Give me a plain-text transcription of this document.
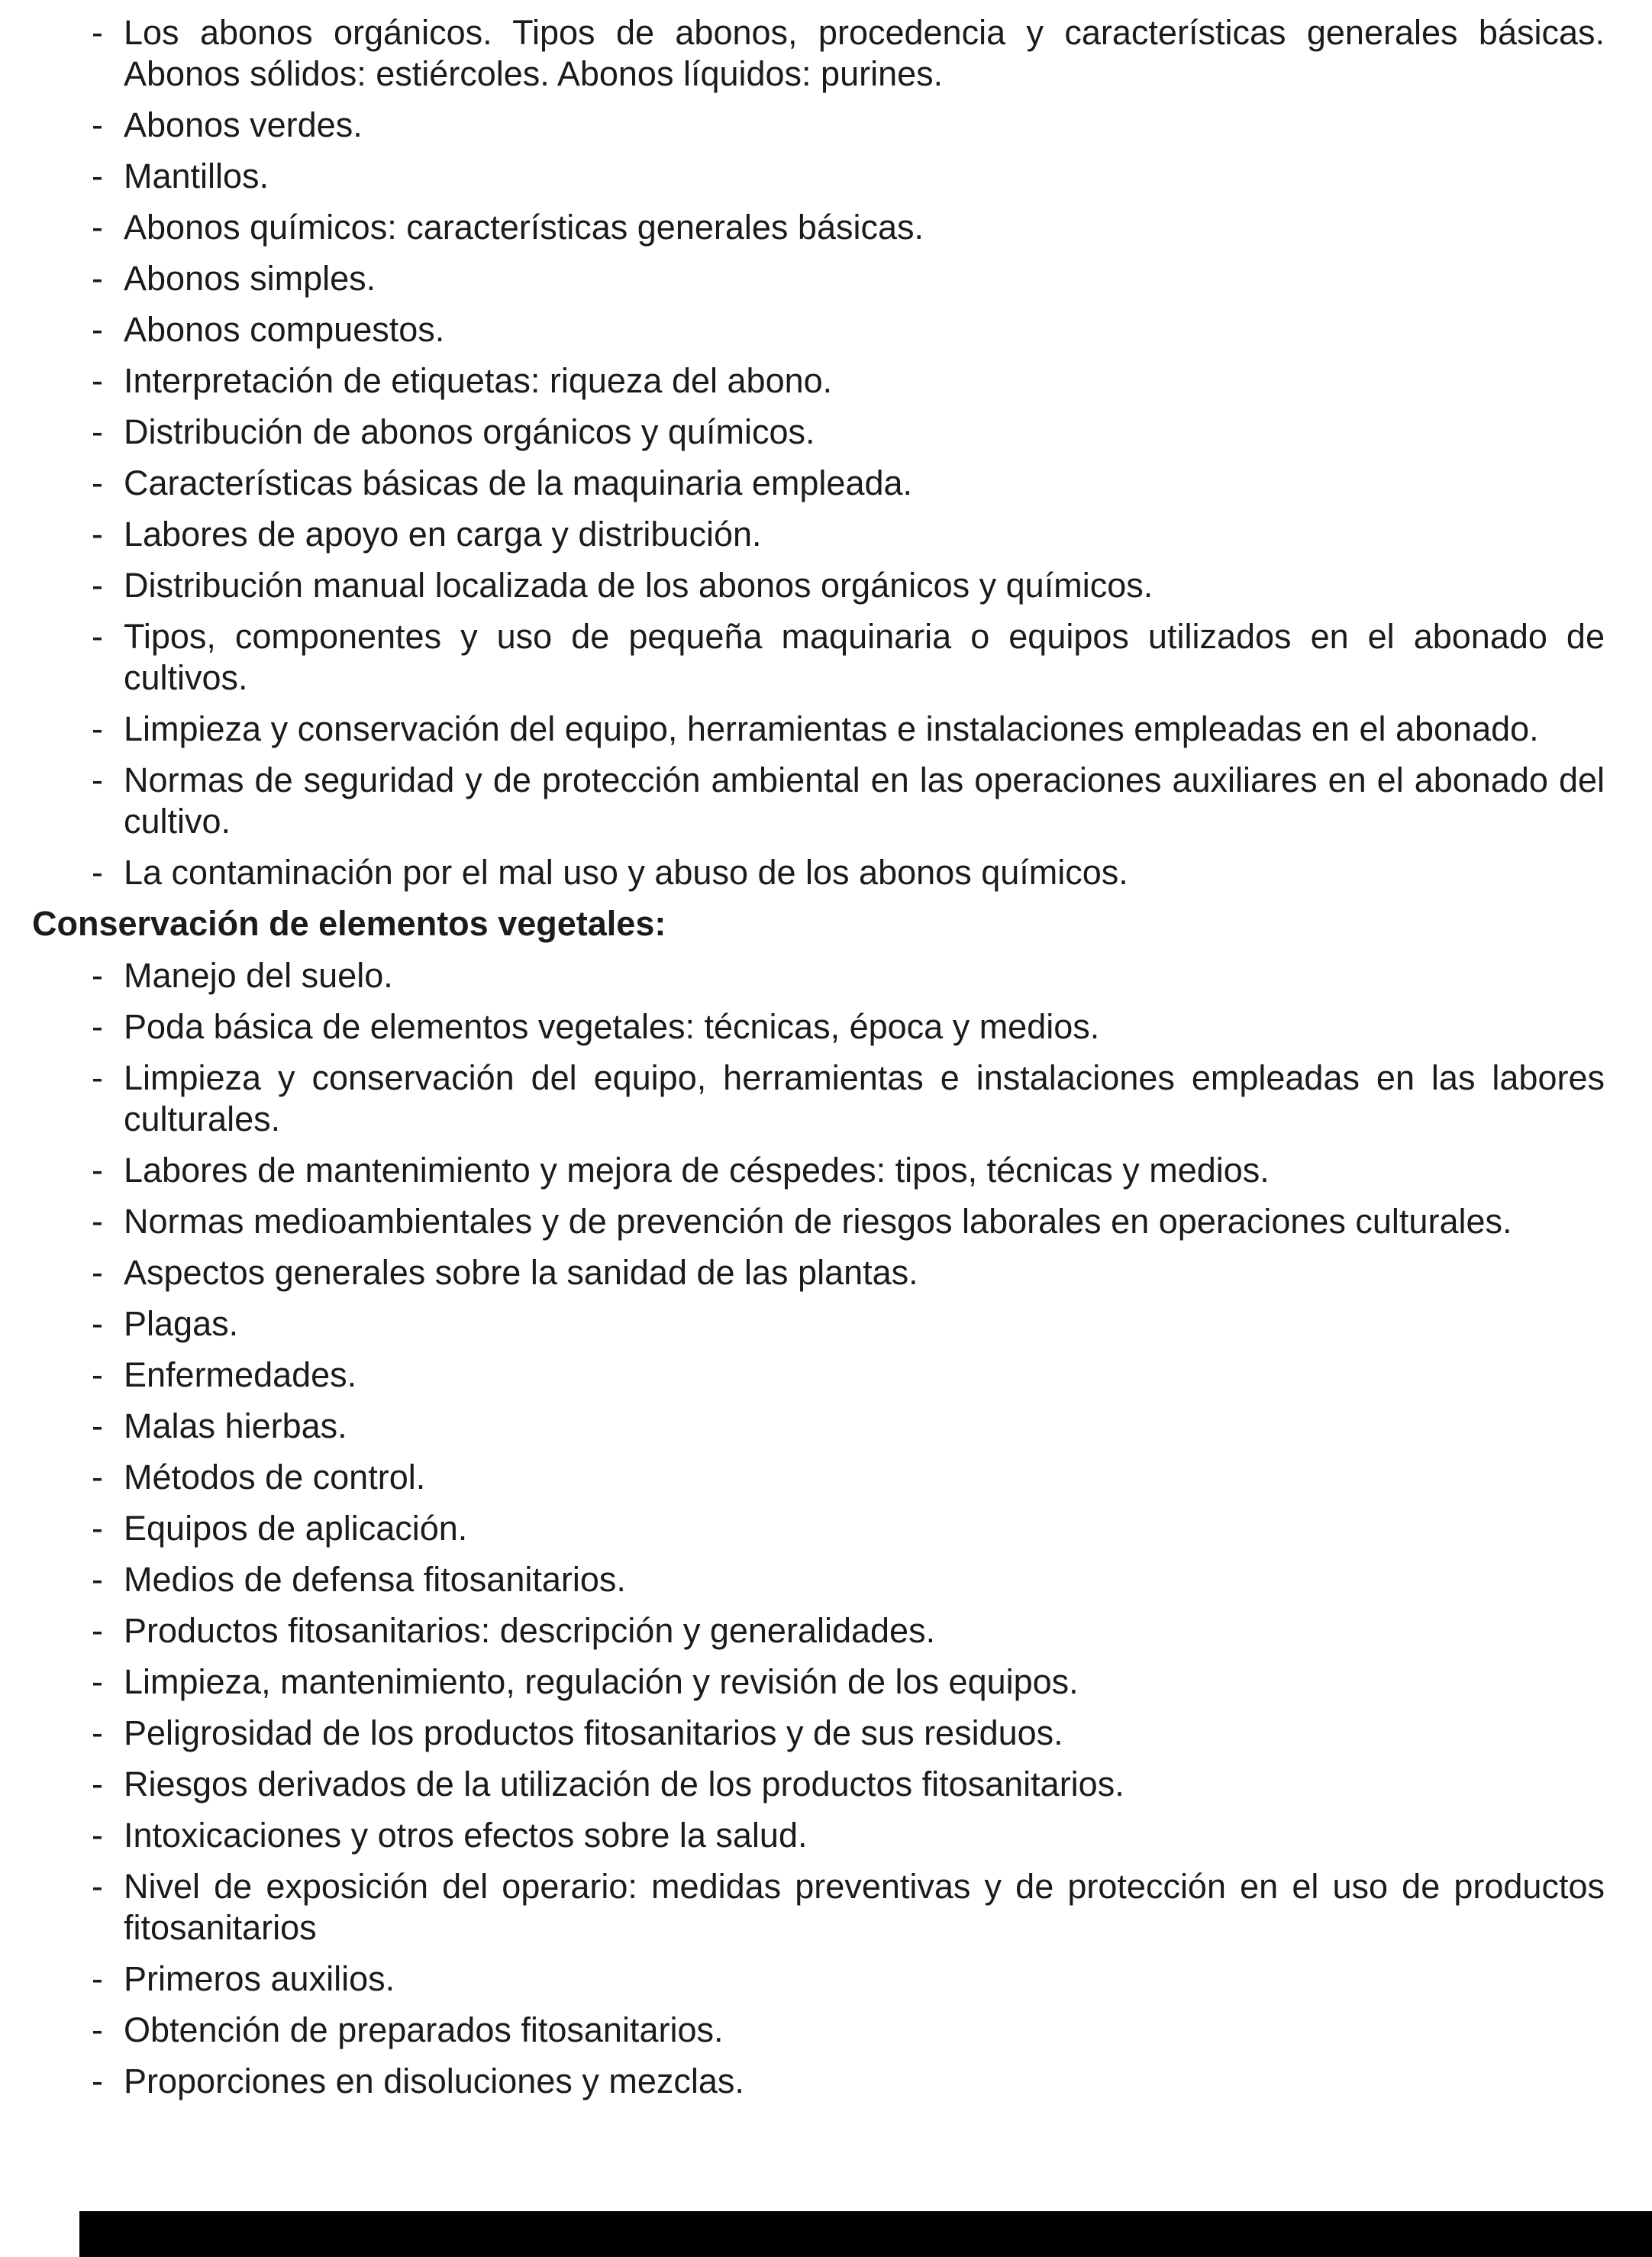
- Los abonos orgánicos. Tipos de abonos, procedencia y características generales básicas. Abonos sólidos: estiércoles. Abonos líquidos: purines.
- Abonos verdes.
- Mantillos.
- Abonos químicos: características generales básicas.
- Abonos simples.
- Abonos compuestos.
- Interpretación de etiquetas: riqueza del abono.
- Distribución de abonos orgánicos y químicos.
- Características básicas de la maquinaria empleada.
- Labores de apoyo en carga y distribución.
- Distribución manual localizada de los abonos orgánicos y químicos.
- Tipos, componentes y uso de pequeña maquinaria o equipos utilizados en el abonado de cultivos.
- Limpieza y conservación del equipo, herramientas e instalaciones empleadas en el abonado.
- Normas de seguridad y de protección ambiental en las operaciones auxiliares en el abonado del cultivo.
- La contaminación por el mal uso y abuso de los abonos químicos.
Conservación de elementos vegetales:
- Manejo del suelo.
- Poda básica de elementos vegetales: técnicas, época y medios.
- Limpieza y conservación del equipo, herramientas e instalaciones empleadas en las labores culturales.
- Labores de mantenimiento y mejora de céspedes: tipos, técnicas y medios.
- Normas medioambientales y de prevención de riesgos laborales en operaciones culturales.
- Aspectos generales sobre la sanidad de las plantas.
- Plagas.
- Enfermedades.
- Malas hierbas.
- Métodos de control.
- Equipos de aplicación.
- Medios de defensa fitosanitarios.
- Productos fitosanitarios: descripción y generalidades.
- Limpieza, mantenimiento, regulación y revisión de los equipos.
- Peligrosidad de los productos fitosanitarios y de sus residuos.
- Riesgos derivados de la utilización de los productos fitosanitarios.
- Intoxicaciones y otros efectos sobre la salud.
- Nivel de exposición del operario: medidas preventivas y de protección en el uso de productos fitosanitarios
- Primeros auxilios.
- Obtención de preparados fitosanitarios.
- Proporciones en disoluciones y mezclas.
